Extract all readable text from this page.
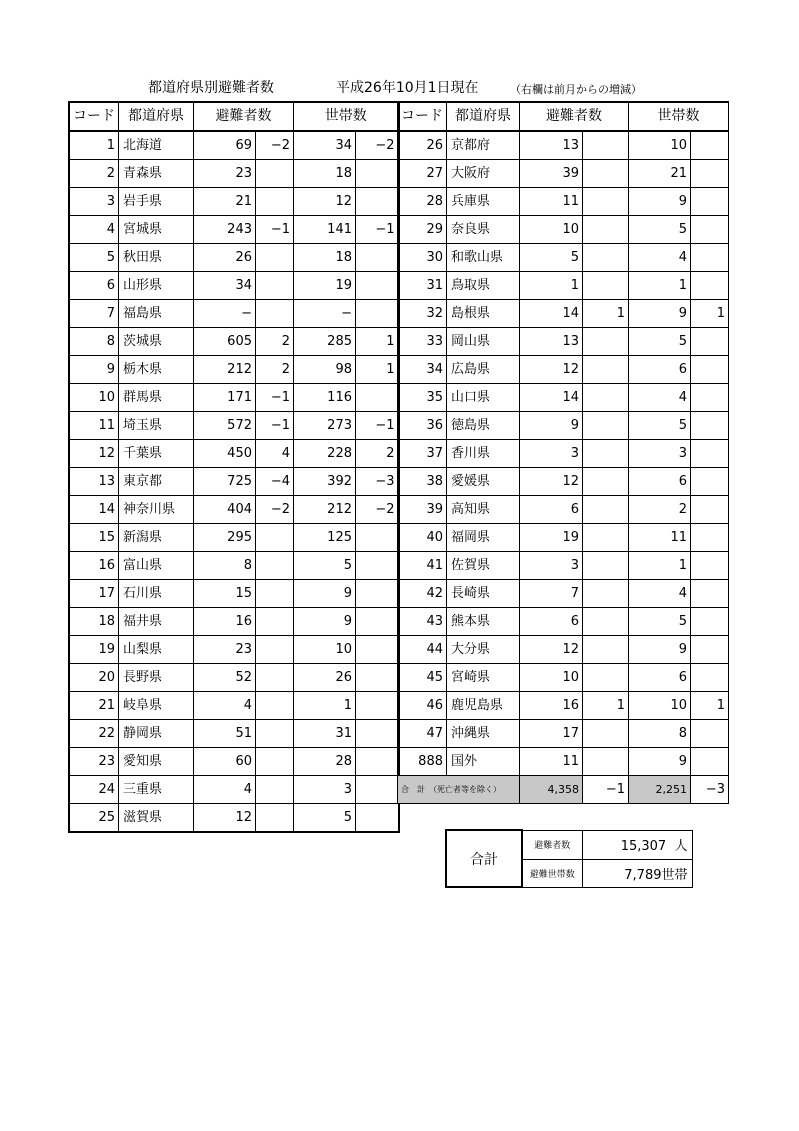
都道府県別避難者数	平成26年10月1日現在	（右欄は前月からの増減）
コード	都道府県	避難者数		世帯数	
1	北海道	69	−2	34	−2
2	青森県	23		18	
3	岩手県	21		12	
4	宮城県	243	−1	141	−1
5	秋田県	26		18	
6	山形県	34		19	
7	福島県	−		−	
8	茨城県	605	2	285	1
9	栃木県	212	2	98	1
10	群馬県	171	−1	116	
11	埼玉県	572	−1	273	−1
12	千葉県	450	4	228	2
13	東京都	725	−4	392	−3
14	神奈川県	404	−2	212	−2
15	新潟県	295		125	
16	富山県	8		5	
17	石川県	15		9	
18	福井県	16		9	
19	山梨県	23		10	
20	長野県	52		26	
21	岐阜県	4		1	
22	静岡県	51		31	
23	愛知県	60		28	
24	三重県	4		3	
25	滋賀県	12		5	
コード	都道府県	避難者数		世帯数	
26	京都府	13		10	
27	大阪府	39		21	
28	兵庫県	11		9	
29	奈良県	10		5	
30	和歌山県	5		4	
31	鳥取県	1		1	
32	島根県	14	1	9	1
33	岡山県	13		5	
34	広島県	12		6	
35	山口県	14		4	
36	徳島県	9		5	
37	香川県	3		3	
38	愛媛県	12		6	
39	高知県	6		2	
40	福岡県	19		11	
41	佐賀県	3		1	
42	長崎県	7		4	
43	熊本県	6		5	
44	大分県	12		9	
45	宮崎県	10		6	
46	鹿児島県	16	1	10	1
47	沖縄県	17		8	
888	国外	11		9	
合　計　（死亡者等を除く）		4,358	−1	2,251	−3
合計	避難者数	15,307 人
	避難世帯数	7,789世帯
